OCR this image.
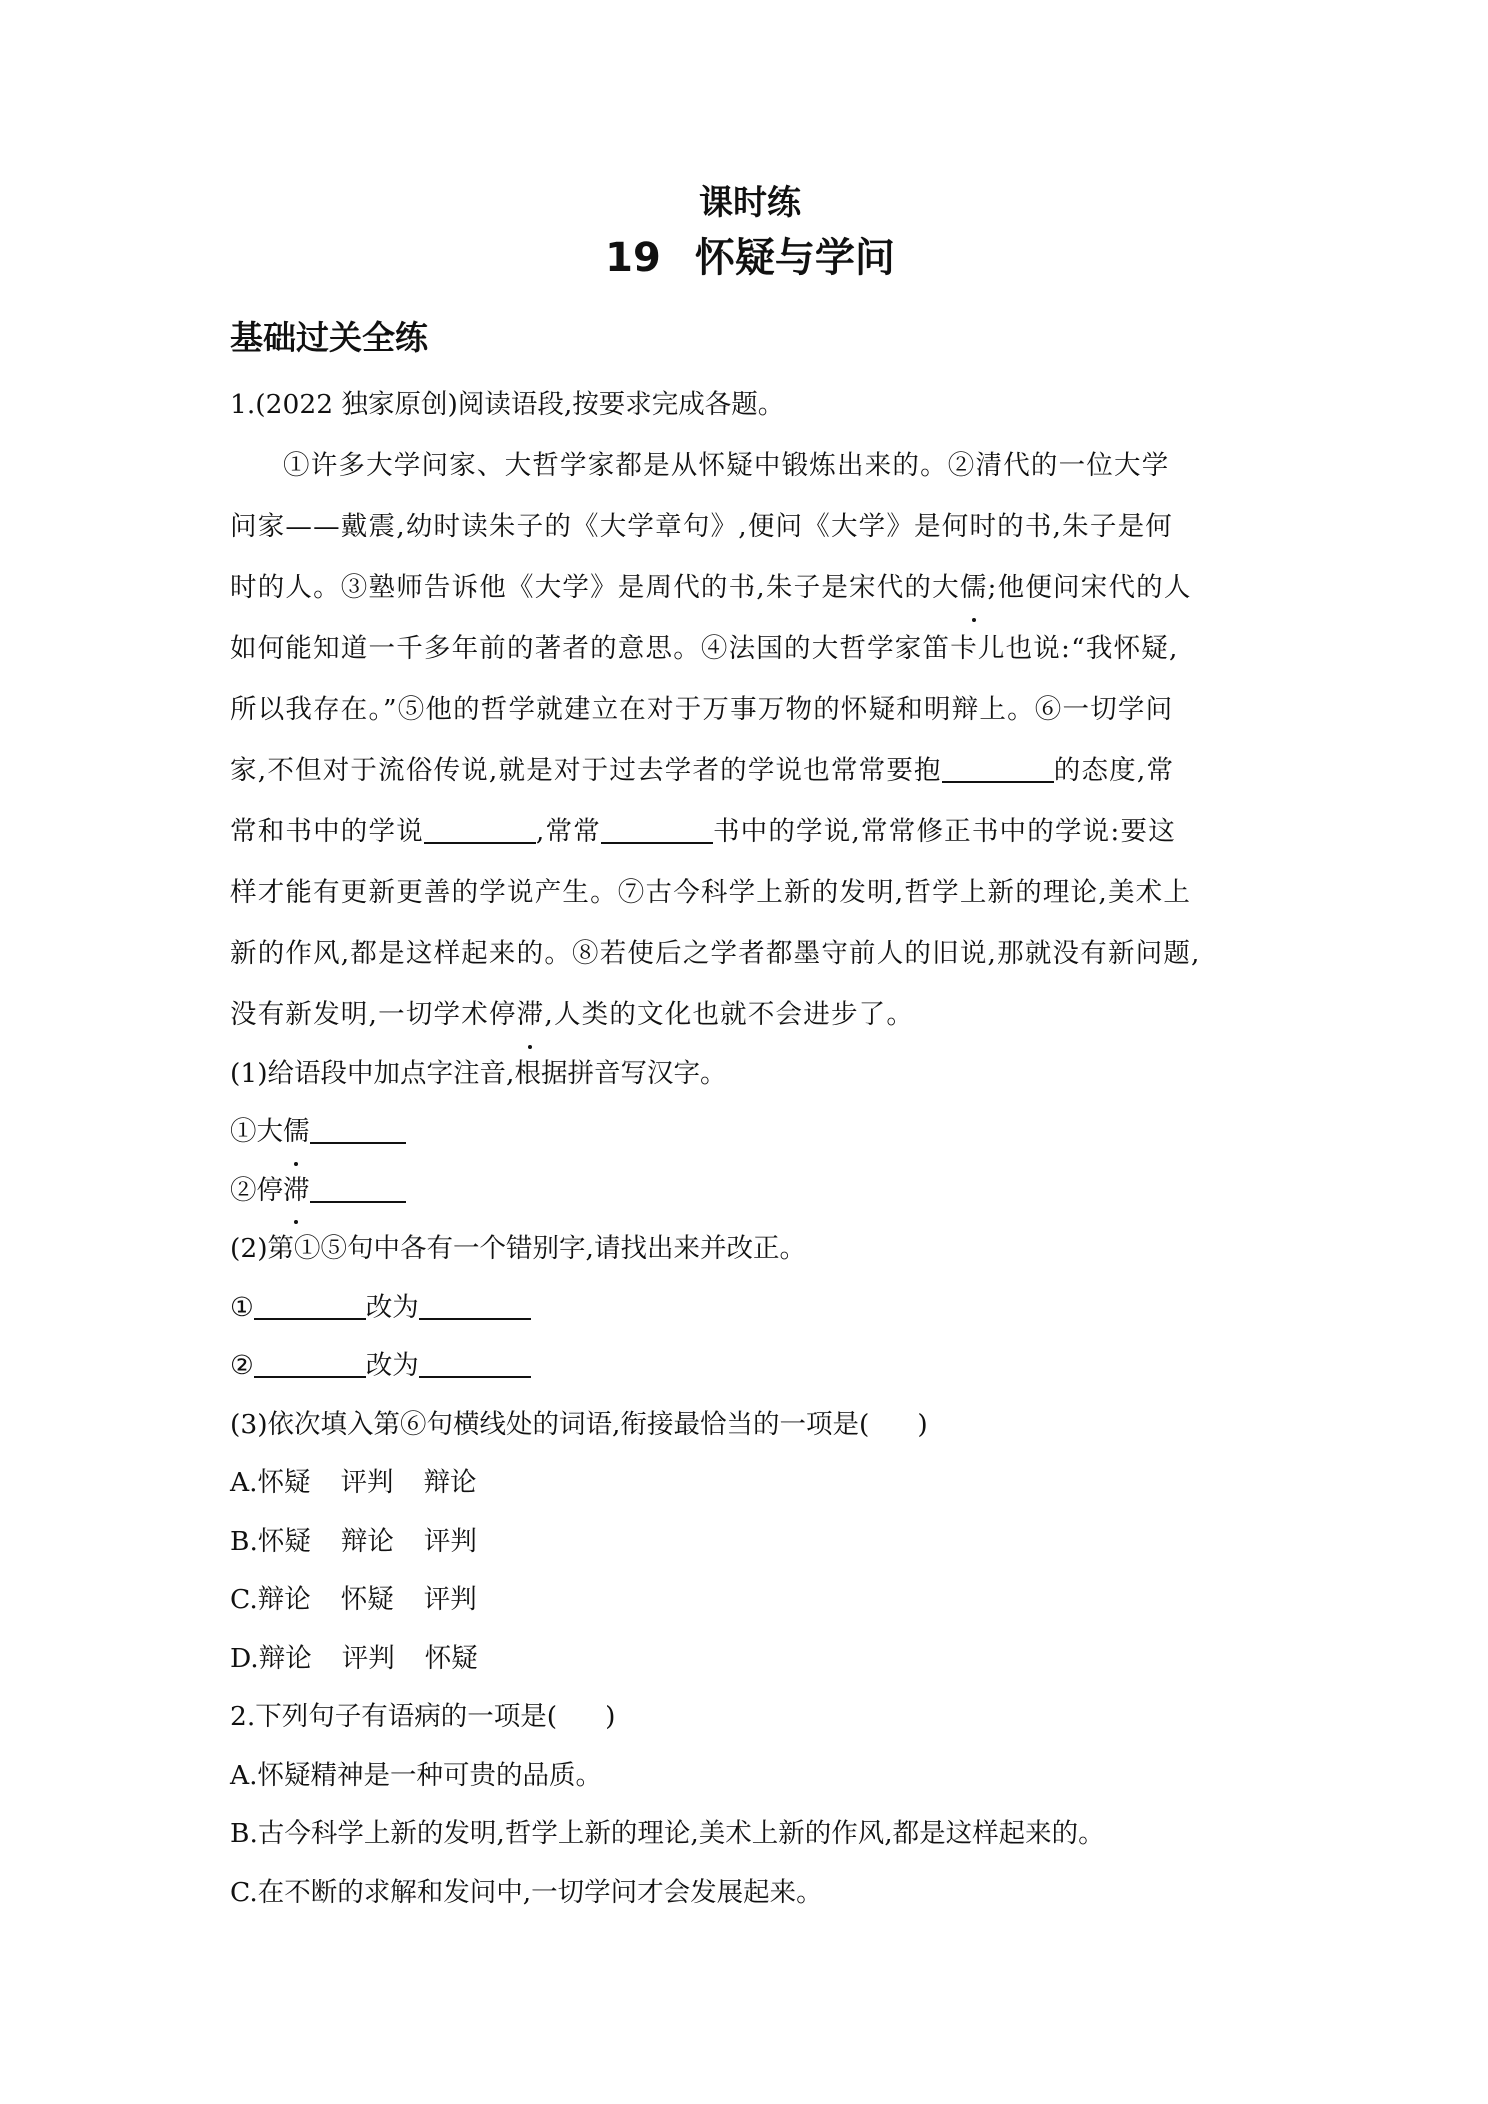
课时练
19 怀疑与学问
基础过关全练
1.(2022 独家原创)阅读语段,按要求完成各题。
①许多大学问家、大哲学家都是从怀疑中锻炼出来的。②清代的一位大学
问家——戴震,幼时读朱子的《大学章句》,便问《大学》是何时的书,朱子是何
时的人。③塾师告诉他《大学》是周代的书,朱子是宋代的大儒;他便问宋代的人
如何能知道一千多年前的著者的意思。④法国的大哲学家笛卡儿也说:“我怀疑,
所以我存在。”⑤他的哲学就建立在对于万事万物的怀疑和明辩上。⑥一切学问
家,不但对于流俗传说,就是对于过去学者的学说也常常要抱	的态度,常
常和书中的学说	,常常	书中的学说,常常修正书中的学说:要这
样才能有更新更善的学说产生。⑦古今科学上新的发明,哲学上新的理论,美术上
新的作风,都是这样起来的。⑧若使后之学者都墨守前人的旧说,那就没有新问题,
没有新发明,一切学术停滞,人类的文化也就不会进步了。
(1)给语段中加点字注音,根据拼音写汉字。
①大儒
②停滞
(2)第①⑤句中各有一个错别字,请找出来并改正。
①	改为
②	改为
(3)依次填入第⑥句横线处的词语,衔接最恰当的一项是( )
A.怀疑 评判 辩论
B.怀疑 辩论 评判
C.辩论 怀疑 评判
D.辩论 评判 怀疑
2.下列句子有语病的一项是( )
A.怀疑精神是一种可贵的品质。
B.古今科学上新的发明,哲学上新的理论,美术上新的作风,都是这样起来的。
C.在不断的求解和发问中,一切学问才会发展起来。
